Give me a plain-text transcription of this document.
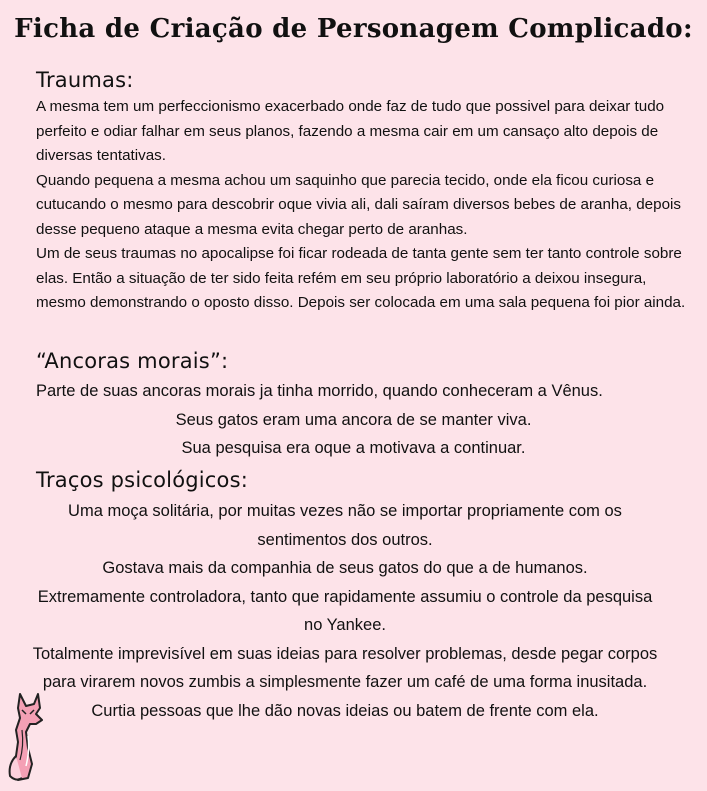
Ficha de Criação de Personagem Complicado:
Traumas:

A mesma tem um perfeccionismo exacerbado onde faz de tudo que possivel para deixar tudo perfeito e odiar falhar em seus planos, fazendo a mesma cair em um cansaço alto depois de diversas tentativas.

Quando pequena a mesma achou um saquinho que parecia tecido, onde ela ficou curiosa e cutucando o mesmo para descobrir oque vivia ali, dali saíram diversos bebes de aranha, depois desse pequeno ataque a mesma evita chegar perto de aranhas.

Um de seus traumas no apocalipse foi ficar rodeada de tanta gente sem ter tanto controle sobre elas. Então a situação de ter sido feita refém em seu próprio laboratório a deixou insegura, mesmo demonstrando o oposto disso. Depois ser colocada em uma sala pequena foi pior ainda.

“Ancoras morais”:

Parte de suas ancoras morais ja tinha morrido, quando conheceram a Vênus.

Seus gatos eram uma ancora de se manter viva.

Sua pesquisa era oque a motivava a continuar.

Traços psicológicos:

Uma moça solitária, por muitas vezes não se importar propriamente com os sentimentos dos outros.

Gostava mais da companhia de seus gatos do que a de humanos.

Extremamente controladora, tanto que rapidamente assumiu o controle da pesquisa no Yankee.

Totalmente imprevisível em suas ideias para resolver problemas, desde pegar corpos para virarem novos zumbis a simplesmente fazer um café de uma forma inusitada.

Curtia pessoas que lhe dão novas ideias ou batem de frente com ela.
